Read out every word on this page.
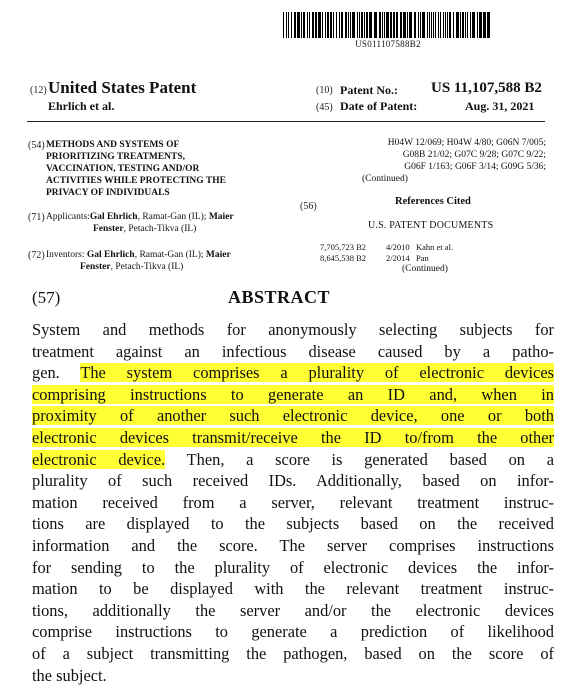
US011107588B2
(12) United States Patent
Ehrlich et al.
(10) Patent No.: US 11,107,588 B2
(45) Date of Patent:	Aug. 31, 2021
(54) METHODS AND SYSTEMS OF
PRIORITIZING TREATMENTS,
VACCINATION, TESTING AND/OR
ACTIVITIES WHILE PROTECTING THE
PRIVACY OF INDIVIDUALS
(71) Applicants:Gal Ehrlich, Ramat-Gan (IL); Maier
Fenster, Petach-Tikva (IL)
(72) Inventors: Gal Ehrlich, Ramat-Gan (IL); Maier
Fenster, Petach-Tikva (IL)
H04W 12/069; H04W 4/80; G06N 7/005;
G08B 21/02; G07C 9/28; G07C 9/22;
G06F 1/163; G06F 3/14; G09G 5/36;
(Continued)
(56)	References Cited
U.S. PATENT DOCUMENTS
7,705,723 B2 4/2010 Kahn et al.
8,645,538 B2 2/2014 Pan
(Continued)
(57)	ABSTRACT
System and methods for anonymously selecting subjects for
treatment against an infectious disease caused by a patho-
gen. The system comprises a plurality of electronic devices
comprising instructions to generate an ID and, when in
proximity of another such electronic device, one or both
electronic devices transmit/receive the ID to/from the other
electronic device. Then, a score is generated based on a
plurality of such received IDs. Additionally, based on infor-
mation received from a server, relevant treatment instruc-
tions are displayed to the subjects based on the received
information and the score. The server comprises instructions
for sending to the plurality of electronic devices the infor-
mation to be displayed with the relevant treatment instruc-
tions, additionally the server and/or the electronic devices
comprise instructions to generate a prediction of likelihood
of a subject transmitting the pathogen, based on the score of
the subject.
